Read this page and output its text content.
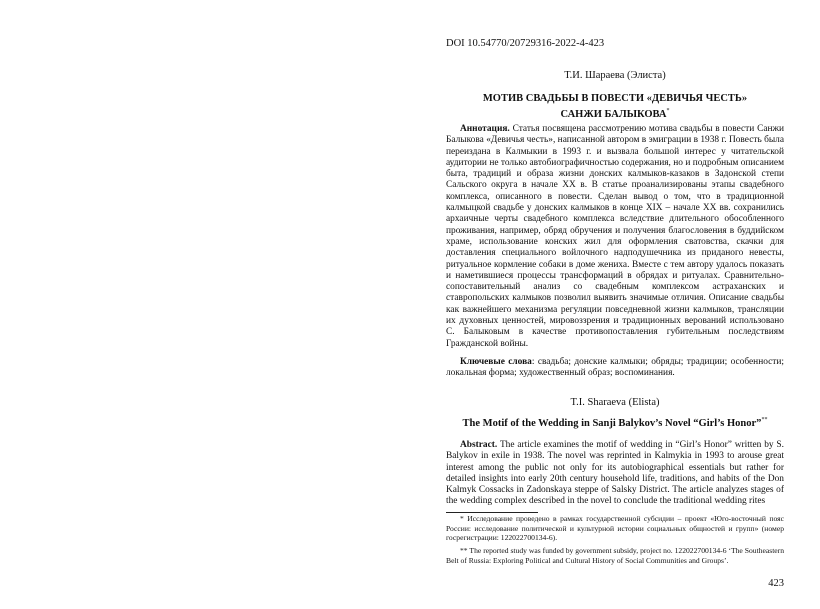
DOI 10.54770/20729316-2022-4-423
Т.И. Шараева (Элиста)
МОТИВ СВАДЬБЫ В ПОВЕСТИ «ДЕВИЧЬЯ ЧЕСТЬ»
САНЖИ БАЛЫКОВА*

Аннотация. Статья посвящена рассмотрению мотива свадьбы в повести Санжи Балыкова «Девичья честь», написанной автором в эмиграции в 1938 г. Повесть была переиздана в Калмыкии в 1993 г. и вызвала большой интерес у читательской аудитории не только автобиографичностью содержания, но и подробным описанием быта, традиций и образа жизни донских калмыков-казаков в Задонской степи Сальского округа в начале XX в. В статье проанализированы этапы свадебного комплекса, описанного в повести. Сделан вывод о том, что в традиционной калмыцкой свадьбе у донских калмыков в конце XIX – начале XX вв. сохранились архаичные черты свадебного комплекса вследствие длительного обособленного проживания, например, обряд обручения и получения благословения в буддийском храме, использование конских жил для оформления сватовства, скачки для доставления специального войлочного надподушечника из приданого невесты, ритуальное кормление собаки в доме жениха. Вместе с тем автору удалось показать и наметившиеся процессы трансформаций в обрядах и ритуалах. Сравнительно-сопоставительный анализ со свадебным комплексом астраханских и ставропольских калмыков позволил выявить значимые отличия. Описание свадьбы как важнейшего механизма регуляции повседневной жизни калмыков, трансляции их духовных ценностей, мировоззрения и традиционных верований использовано С. Балыковым в качестве противопоставления губительным последствиям Гражданской войны.

Ключевые слова: свадьба; донские калмыки; обряды; традиции; особенности; локальная форма; художественный образ; воспоминания.

T.I. Sharaeva (Elista)
The Motif of the Wedding in Sanji Balykov’s Novel “Girl’s Honor”**

Abstract. The article examines the motif of wedding in “Girl’s Honor” written by S. Balykov in exile in 1938. The novel was reprinted in Kalmykia in 1993 to arouse great interest among the public not only for its autobiographical essentials but rather for detailed insights into early 20th century household life, traditions, and habits of the Don Kalmyk Cossacks in Zadonskaya steppe of Salsky District. The article analyzes stages of the wedding complex described in the novel to conclude the traditional wedding rites

* Исследование проведено в рамках государственной субсидии – проект «Юго-восточный пояс России: исследование политической и культурной истории социальных общностей и групп» (номер госрегистрации: 122022700134-6).

** The reported study was funded by government subsidy, project no. 122022700134-6 ‘The Southeastern Belt of Russia: Exploring Political and Cultural History of Social Communities and Groups’.

423
